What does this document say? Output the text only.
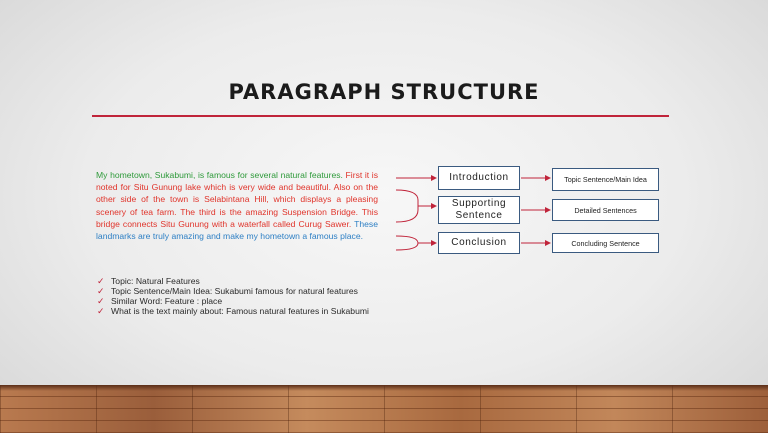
PARAGRAPH STRUCTURE
My hometown, Sukabumi, is famous for several natural features. First it is noted for Situ Gunung lake which is very wide and beautiful. Also on the other side of the town is Selabintana Hill, which displays a pleasing scenery of tea farm. The third is the amazing Suspension Bridge. This bridge connects Situ Gunung with a waterfall called Curug Sawer. These landmarks are truly amazing and make my hometown a famous place.
✓ Topic: Natural Features
✓ Topic Sentence/Main Idea: Sukabumi famous for natural features
✓ Similar Word: Feature : place
✓ What is the text mainly about: Famous natural features in Sukabumi
Introduction
Supporting Sentence
Conclusion
Topic Sentence/Main Idea
Detailed Sentences
Concluding Sentence
